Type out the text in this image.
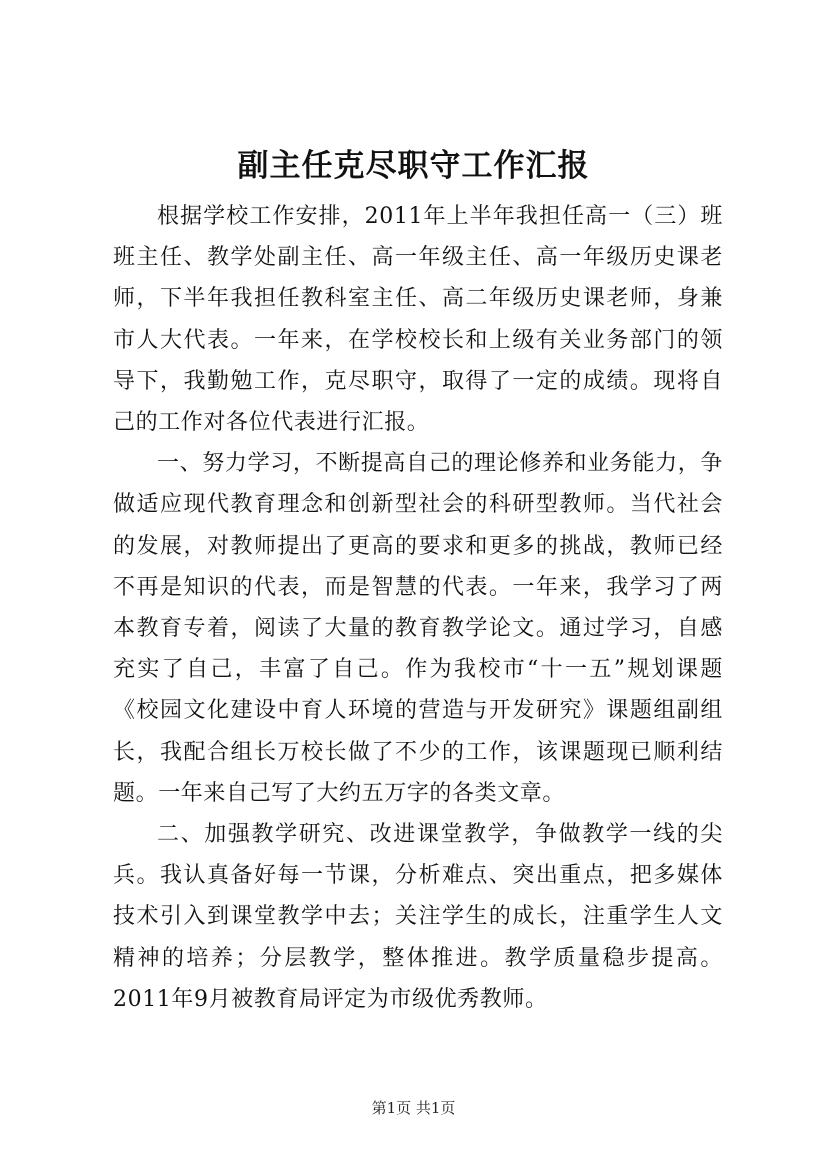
副主任克尽职守工作汇报

根据学校工作安排，2011年上半年我担任高一（三）班班主任、教学处副主任、高一年级主任、高一年级历史课老师，下半年我担任教科室主任、高二年级历史课老师，身兼市人大代表。一年来，在学校校长和上级有关业务部门的领导下，我勤勉工作，克尽职守，取得了一定的成绩。现将自己的工作对各位代表进行汇报。

一、努力学习，不断提高自己的理论修养和业务能力，争做适应现代教育理念和创新型社会的科研型教师。当代社会的发展，对教师提出了更高的要求和更多的挑战，教师已经不再是知识的代表，而是智慧的代表。一年来，我学习了两本教育专着，阅读了大量的教育教学论文。通过学习，自感充实了自己，丰富了自己。作为我校市“十一五”规划课题《校园文化建设中育人环境的营造与开发研究》课题组副组长，我配合组长万校长做了不少的工作，该课题现已顺利结题。一年来自己写了大约五万字的各类文章。

二、加强教学研究、改进课堂教学，争做教学一线的尖兵。我认真备好每一节课，分析难点、突出重点，把多媒体技术引入到课堂教学中去；关注学生的成长，注重学生人文精神的培养；分层教学，整体推进。教学质量稳步提高。2011年9月被教育局评定为市级优秀教师。

第1页 共1页
